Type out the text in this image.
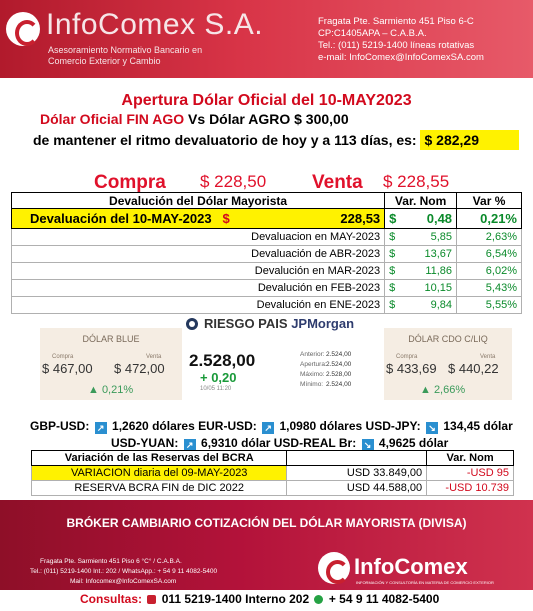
InfoComex S.A.
Asesoramiento Normativo Bancario en Comercio Exterior y Cambio
Fragata Pte. Sarmiento 451 Piso 6-C
CP:C1405APA – C.A.B.A.
Tel.: (011) 5219-1400 líneas rotativas
e-mail: InfoComex@InfoComexSA.com
Apertura Dólar Oficial del 10-MAY2023
Dólar Oficial FIN AGO Vs Dólar AGRO $ 300,00
de mantener el ritmo devaluatorio de hoy y a 113 días, es: $ 282,29
Compra $ 228,50 Venta $ 228,55
Devalución del Dólar Mayorista	Var. Nom	Var %
Devaluación del 10-MAY-2023 $ 228,53	$ 0,48	0,21%
Devaluacion en MAY-2023	$ 5,85	2,63%
Devaluación de ABR-2023	$ 13,67	6,54%
Devalución en MAR-2023	$ 11,86	6,02%
Devalución en FEB-2023	$ 10,15	5,43%
Devalución en ENE-2023	$ 9,84	5,55%
DÓLAR BLUE
Compra
$ 467,00
Venta
$ 472,00
▲ 0,21%
RIESGO PAIS JPMorgan
2.528,00
+ 0,20
10/05 11:20
Anterior: 2.524,00
Apertura: 2.524,00
Máximo: 2.528,00
Mínimo: 2.524,00
DÓLAR CDO C/LIQ
Compra
$ 433,69
Venta
$ 440,22
▲ 2,66%
GBP-USD: ↗ 1,2620 dólares EUR-USD: ↗ 1,0980 dólares USD-JPY: ↘ 134,45 dólar
USD-YUAN: ↗ 6,9310 dólar USD-REAL Br: ↘ 4,9625 dólar
Variación de las Reservas del BCRA		Var. Nom
VARIACION diaria del 09-MAY-2023	USD 33.849,00	-USD 95
RESERVA BCRA FIN de DIC 2022	USD 44.588,00	-USD 10.739
BRÓKER CAMBIARIO COTIZACIÓN DEL DÓLAR MAYORISTA (DIVISA)
Fragata Pte. Sarmiento 451 Piso 6 °C° / C.A.B.A.
Tel.: (011) 5219-1400 Int.: 202 / WhatsApp.: + 54 9 11 4082-5400
Mail: Infocomex@InfoComexSA.com
InfoComex
INFORMACIÓN Y CONSULTORÍA EN MATERIA DE COMERCIO EXTERIOR
Consultas: 011 5219-1400 Interno 202 + 54 9 11 4082-5400
